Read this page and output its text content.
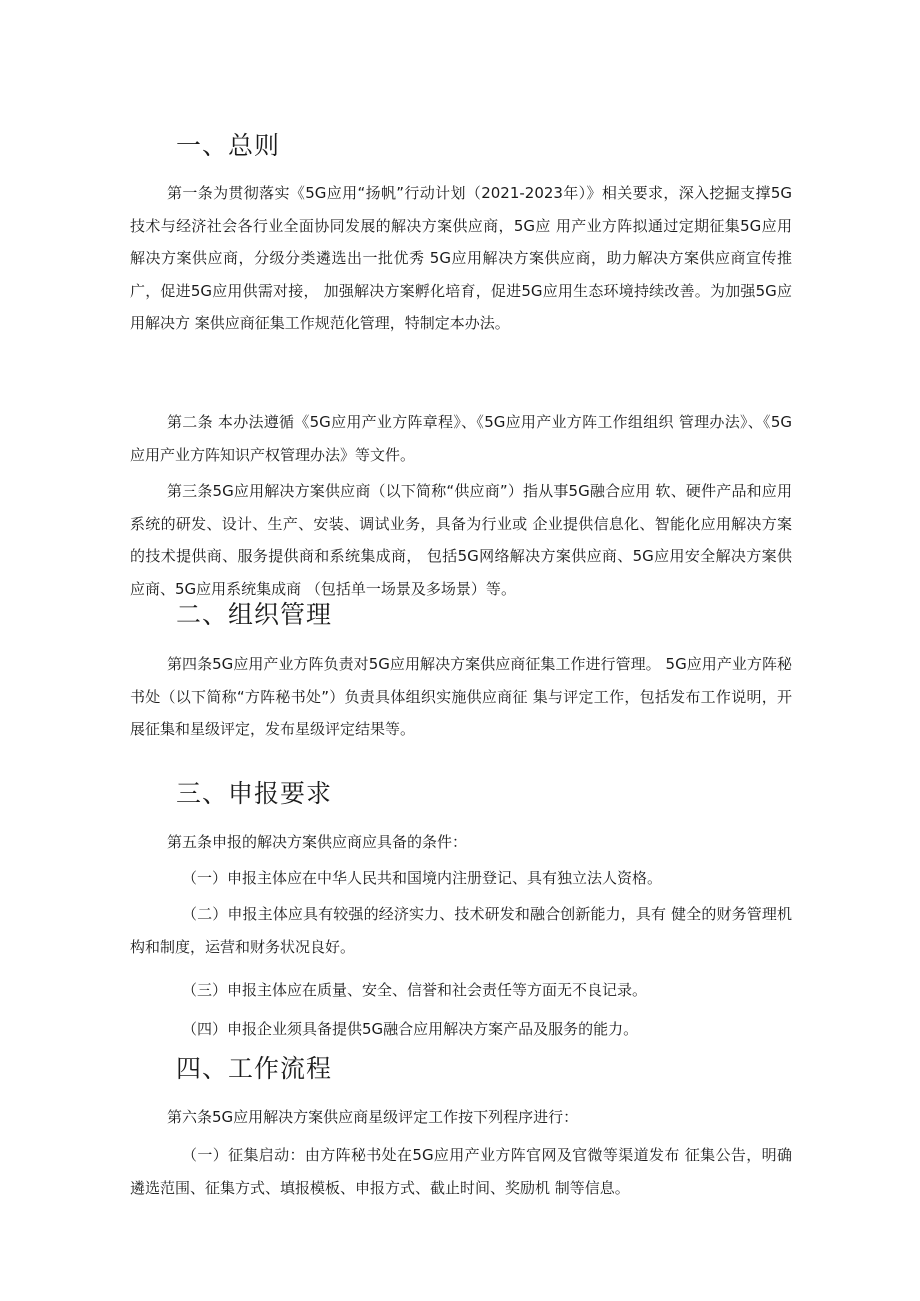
一、总则

第一条为贯彻落实《5G应用“扬帆”行动计划（2021-2023年）》相关要求，深入挖掘支撑5G技术与经济社会各行业全面协同发展的解决方案供应商，5G应 用产业方阵拟通过定期征集5G应用解决方案供应商，分级分类遴选出一批优秀 5G应用解决方案供应商，助力解决方案供应商宣传推广，促进5G应用供需对接， 加强解决方案孵化培育，促进5G应用生态环境持续改善。为加强5G应用解决方 案供应商征集工作规范化管理，特制定本办法。

第二条 本办法遵循《5G应用产业方阵章程》、《5G应用产业方阵工作组组织 管理办法》、《5G应用产业方阵知识产权管理办法》等文件。

第三条5G应用解决方案供应商（以下简称“供应商”）指从事5G融合应用 软、硬件产品和应用系统的研发、设计、生产、安装、调试业务，具备为行业或 企业提供信息化、智能化应用解决方案的技术提供商、服务提供商和系统集成商， 包括5G网络解决方案供应商、5G应用安全解决方案供应商、5G应用系统集成商 （包括单一场景及多场景）等。

二、组织管理

第四条5G应用产业方阵负责对5G应用解决方案供应商征集工作进行管理。 5G应用产业方阵秘书处（以下简称“方阵秘书处”）负责具体组织实施供应商征 集与评定工作，包括发布工作说明，开展征集和星级评定，发布星级评定结果等。

三、申报要求

第五条申报的解决方案供应商应具备的条件：

（一）申报主体应在中华人民共和国境内注册登记、具有独立法人资格。

（二）申报主体应具有较强的经济实力、技术研发和融合创新能力，具有 健全的财务管理机构和制度，运营和财务状况良好。

（三）申报主体应在质量、安全、信誉和社会责任等方面无不良记录。

（四）申报企业须具备提供5G融合应用解决方案产品及服务的能力。

四、工作流程

第六条5G应用解决方案供应商星级评定工作按下列程序进行：

（一）征集启动：由方阵秘书处在5G应用产业方阵官网及官微等渠道发布 征集公告，明确遴选范围、征集方式、填报模板、申报方式、截止时间、奖励机 制等信息。
